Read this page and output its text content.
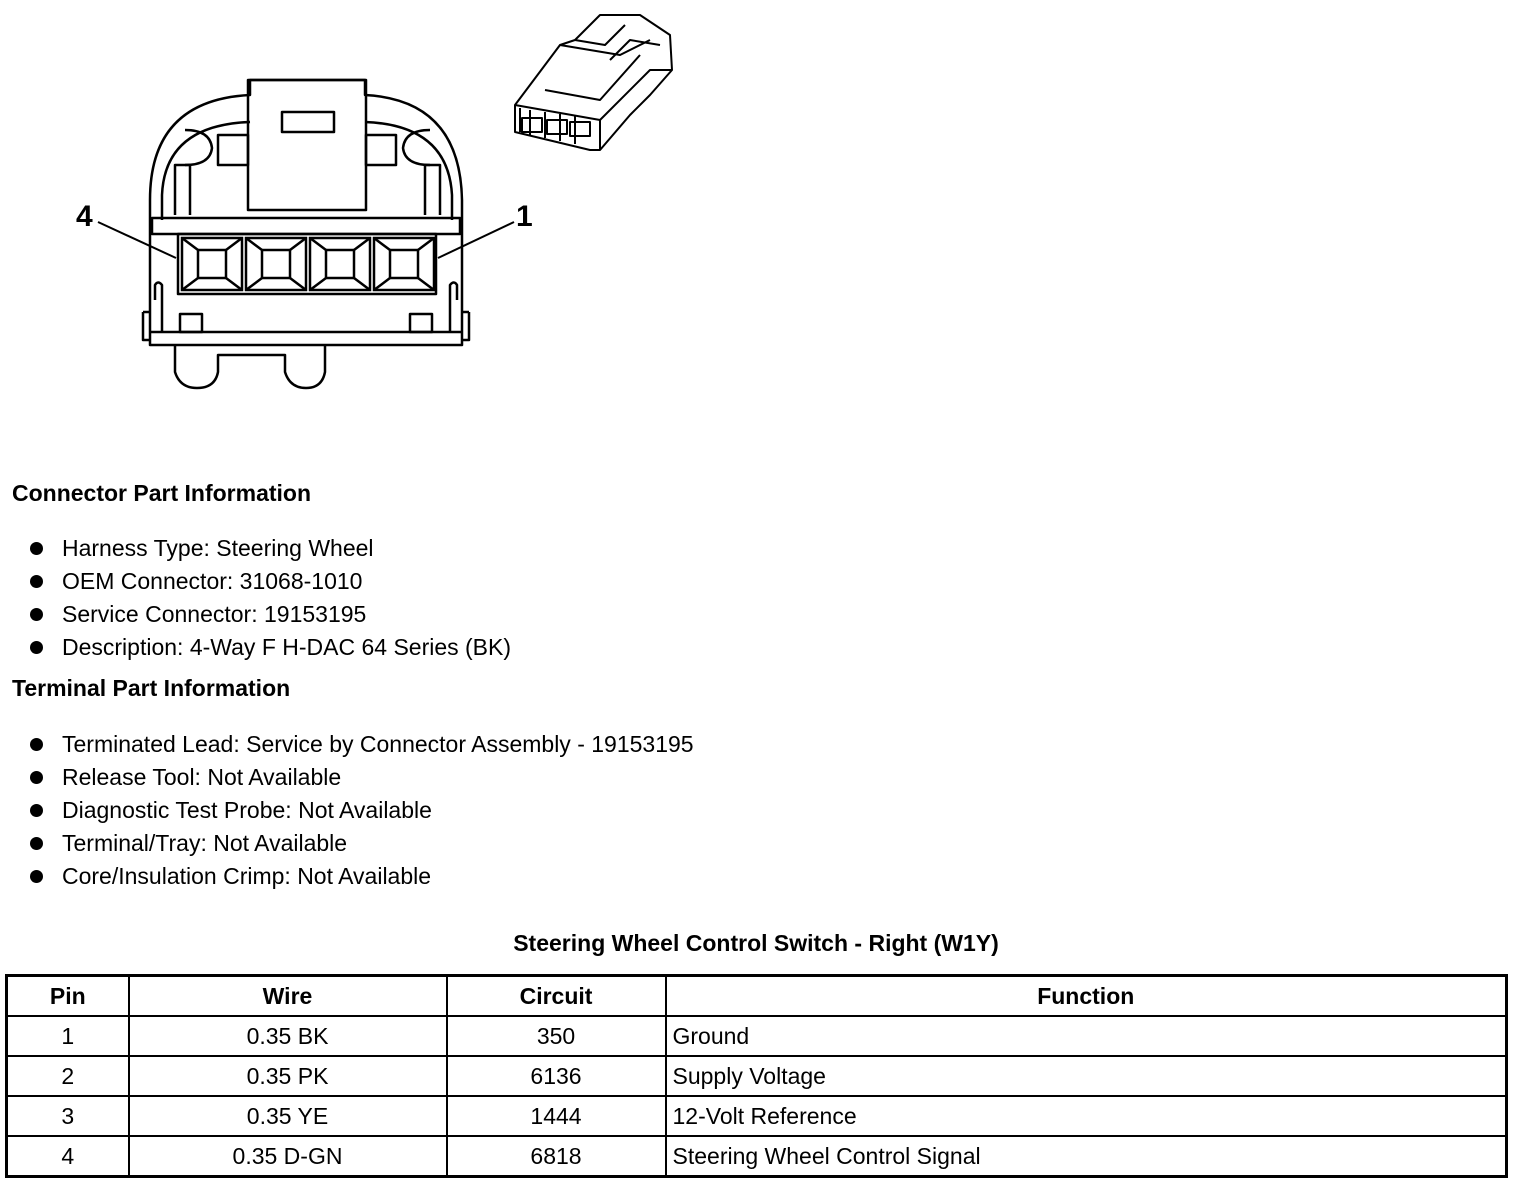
4	1
Connector Part Information
Harness Type: Steering Wheel
OEM Connector: 31068-1010
Service Connector: 19153195
Description: 4-Way F H-DAC 64 Series (BK)
Terminal Part Information
Terminated Lead: Service by Connector Assembly - 19153195
Release Tool: Not Available
Diagnostic Test Probe: Not Available
Terminal/Tray: Not Available
Core/Insulation Crimp: Not Available
Steering Wheel Control Switch - Right (W1Y)
Pin	Wire	Circuit	Function
1	0.35 BK	350	Ground
2	0.35 PK	6136	Supply Voltage
3	0.35 YE	1444	12-Volt Reference
4	0.35 D-GN	6818	Steering Wheel Control Signal
